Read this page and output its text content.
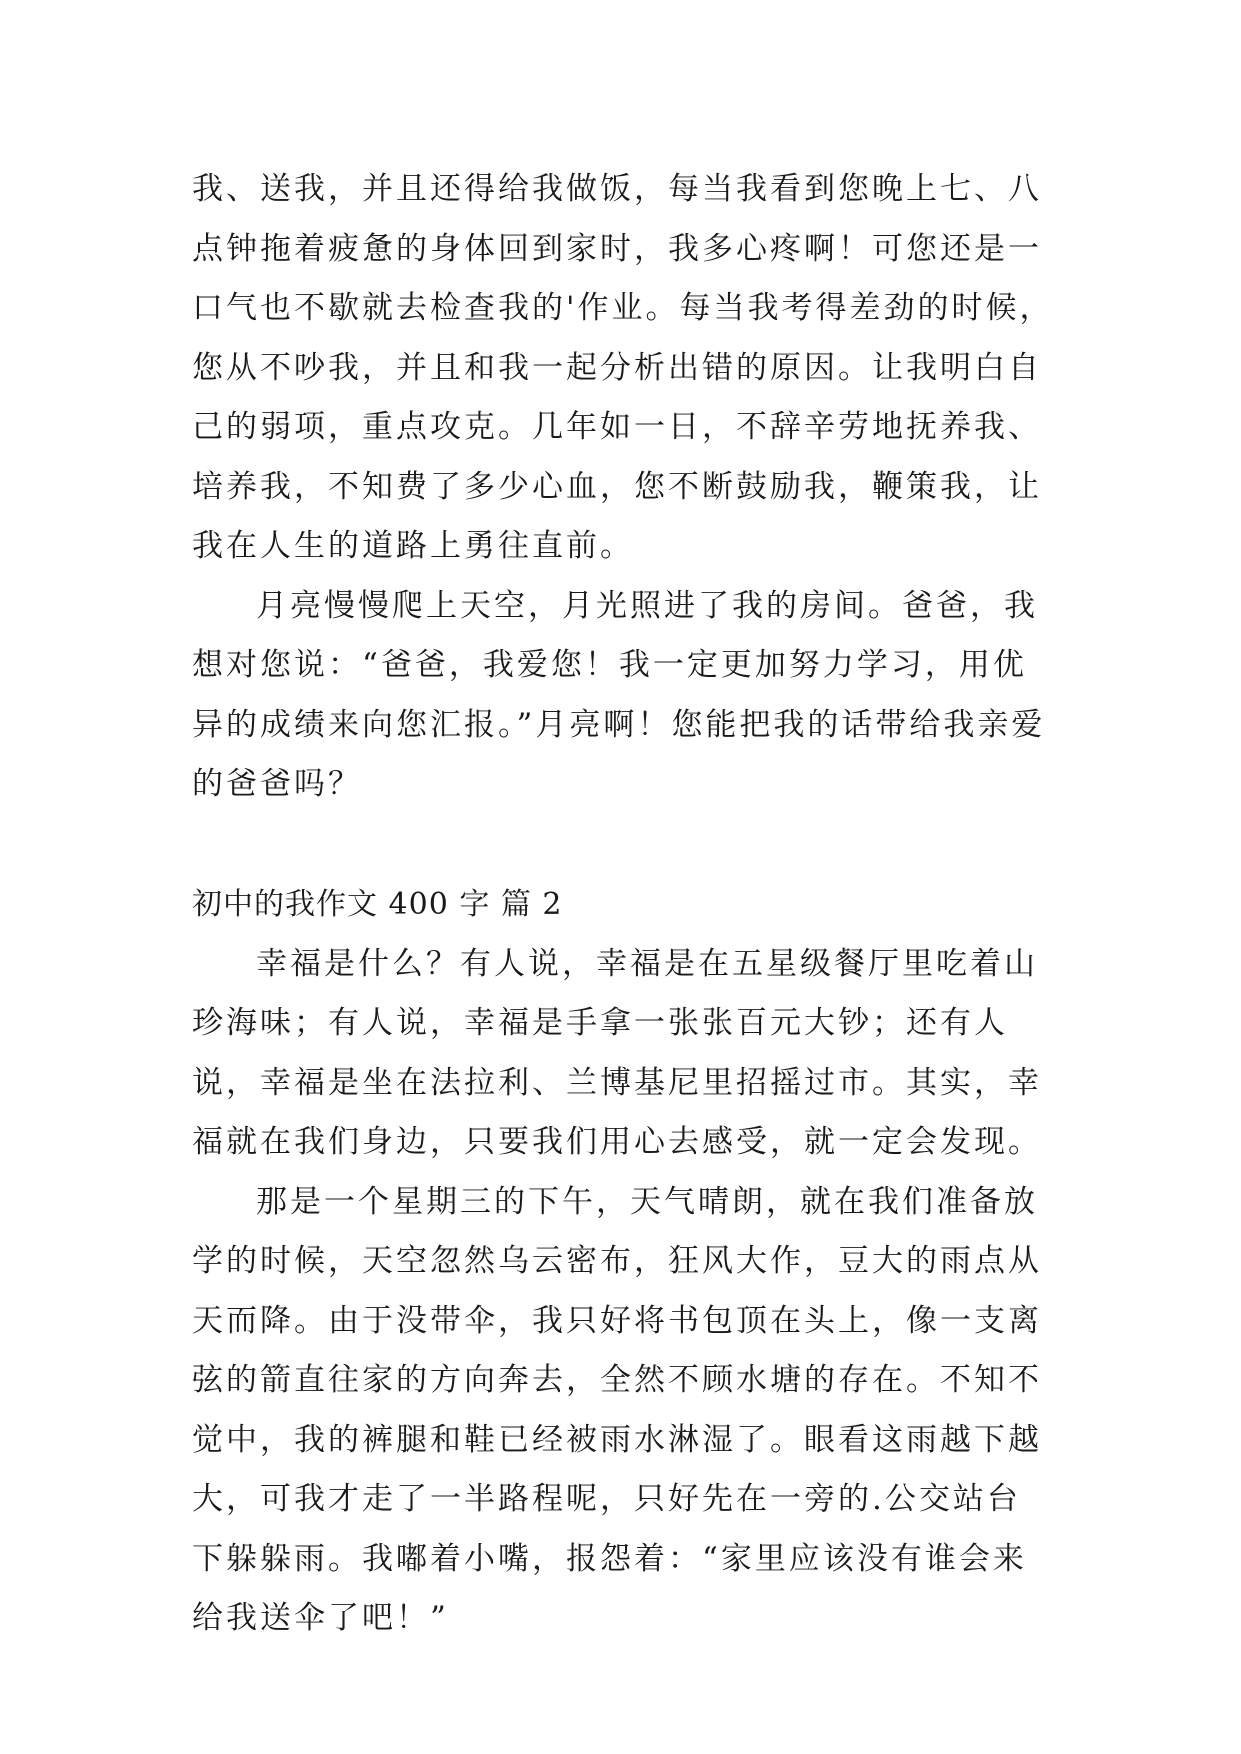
我、送我，并且还得给我做饭，每当我看到您晚上七、八点钟拖着疲惫的身体回到家时，我多心疼啊！可您还是一口气也不歇就去检查我的'作业。每当我考得差劲的时候，您从不吵我，并且和我一起分析出错的原因。让我明白自己的弱项，重点攻克。几年如一日，不辞辛劳地抚养我、培养我，不知费了多少心血，您不断鼓励我，鞭策我，让我在人生的道路上勇往直前。

月亮慢慢爬上天空，月光照进了我的房间。爸爸，我想对您说：“爸爸，我爱您！我一定更加努力学习，用优异的成绩来向您汇报。”月亮啊！您能把我的话带给我亲爱的爸爸吗？

初中的我作文 400 字 篇 2

幸福是什么？有人说，幸福是在五星级餐厅里吃着山珍海味；有人说，幸福是手拿一张张百元大钞；还有人说，幸福是坐在法拉利、兰博基尼里招摇过市。其实，幸福就在我们身边，只要我们用心去感受，就一定会发现。

那是一个星期三的下午，天气晴朗，就在我们准备放学的时候，天空忽然乌云密布，狂风大作，豆大的雨点从天而降。由于没带伞，我只好将书包顶在头上，像一支离弦的箭直往家的方向奔去，全然不顾水塘的存在。不知不觉中，我的裤腿和鞋已经被雨水淋湿了。眼看这雨越下越大，可我才走了一半路程呢，只好先在一旁的.公交站台下躲躲雨。我嘟着小嘴，报怨着：“家里应该没有谁会来给我送伞了吧！”
